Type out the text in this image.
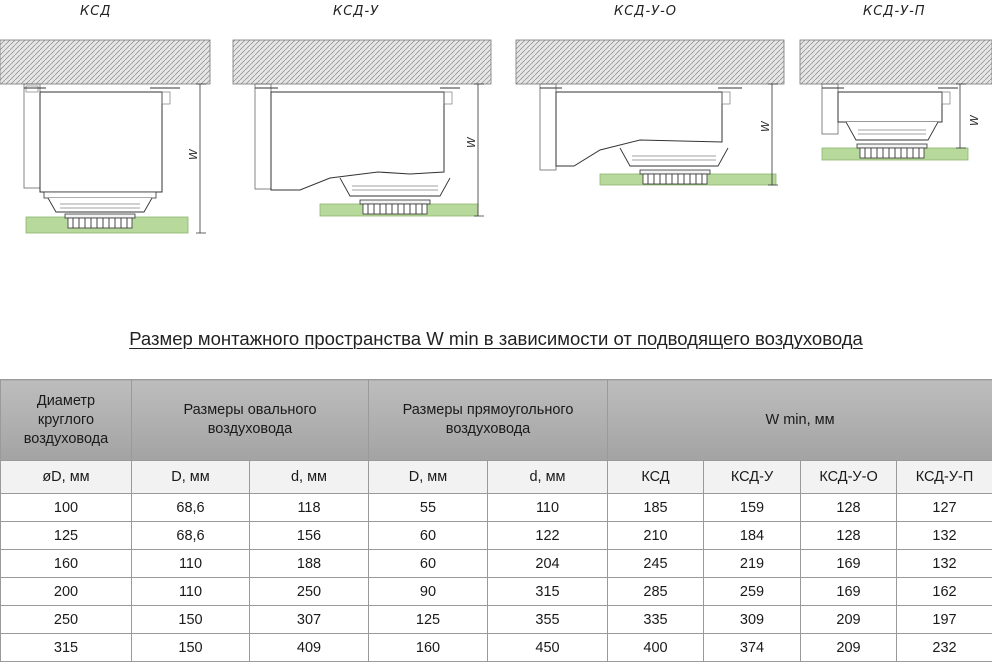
КСД	КСД-У	КСД-У-О	КСД-У-П
W
W
W
W
Размер монтажного пространства W min в зависимости от подводящего воздуховода
Диаметр круглого воздуховода	Размеры овального воздуховода		Размеры прямоугольного воздуховода		W min, мм			
øD, мм	D, мм	d, мм	D, мм	d, мм	КСД	КСД-У	КСД-У-О	КСД-У-П
100	68,6	118	55	110	185	159	128	127
125	68,6	156	60	122	210	184	128	132
160	110	188	60	204	245	219	169	132
200	110	250	90	315	285	259	169	162
250	150	307	125	355	335	309	209	197
315	150	409	160	450	400	374	209	232
